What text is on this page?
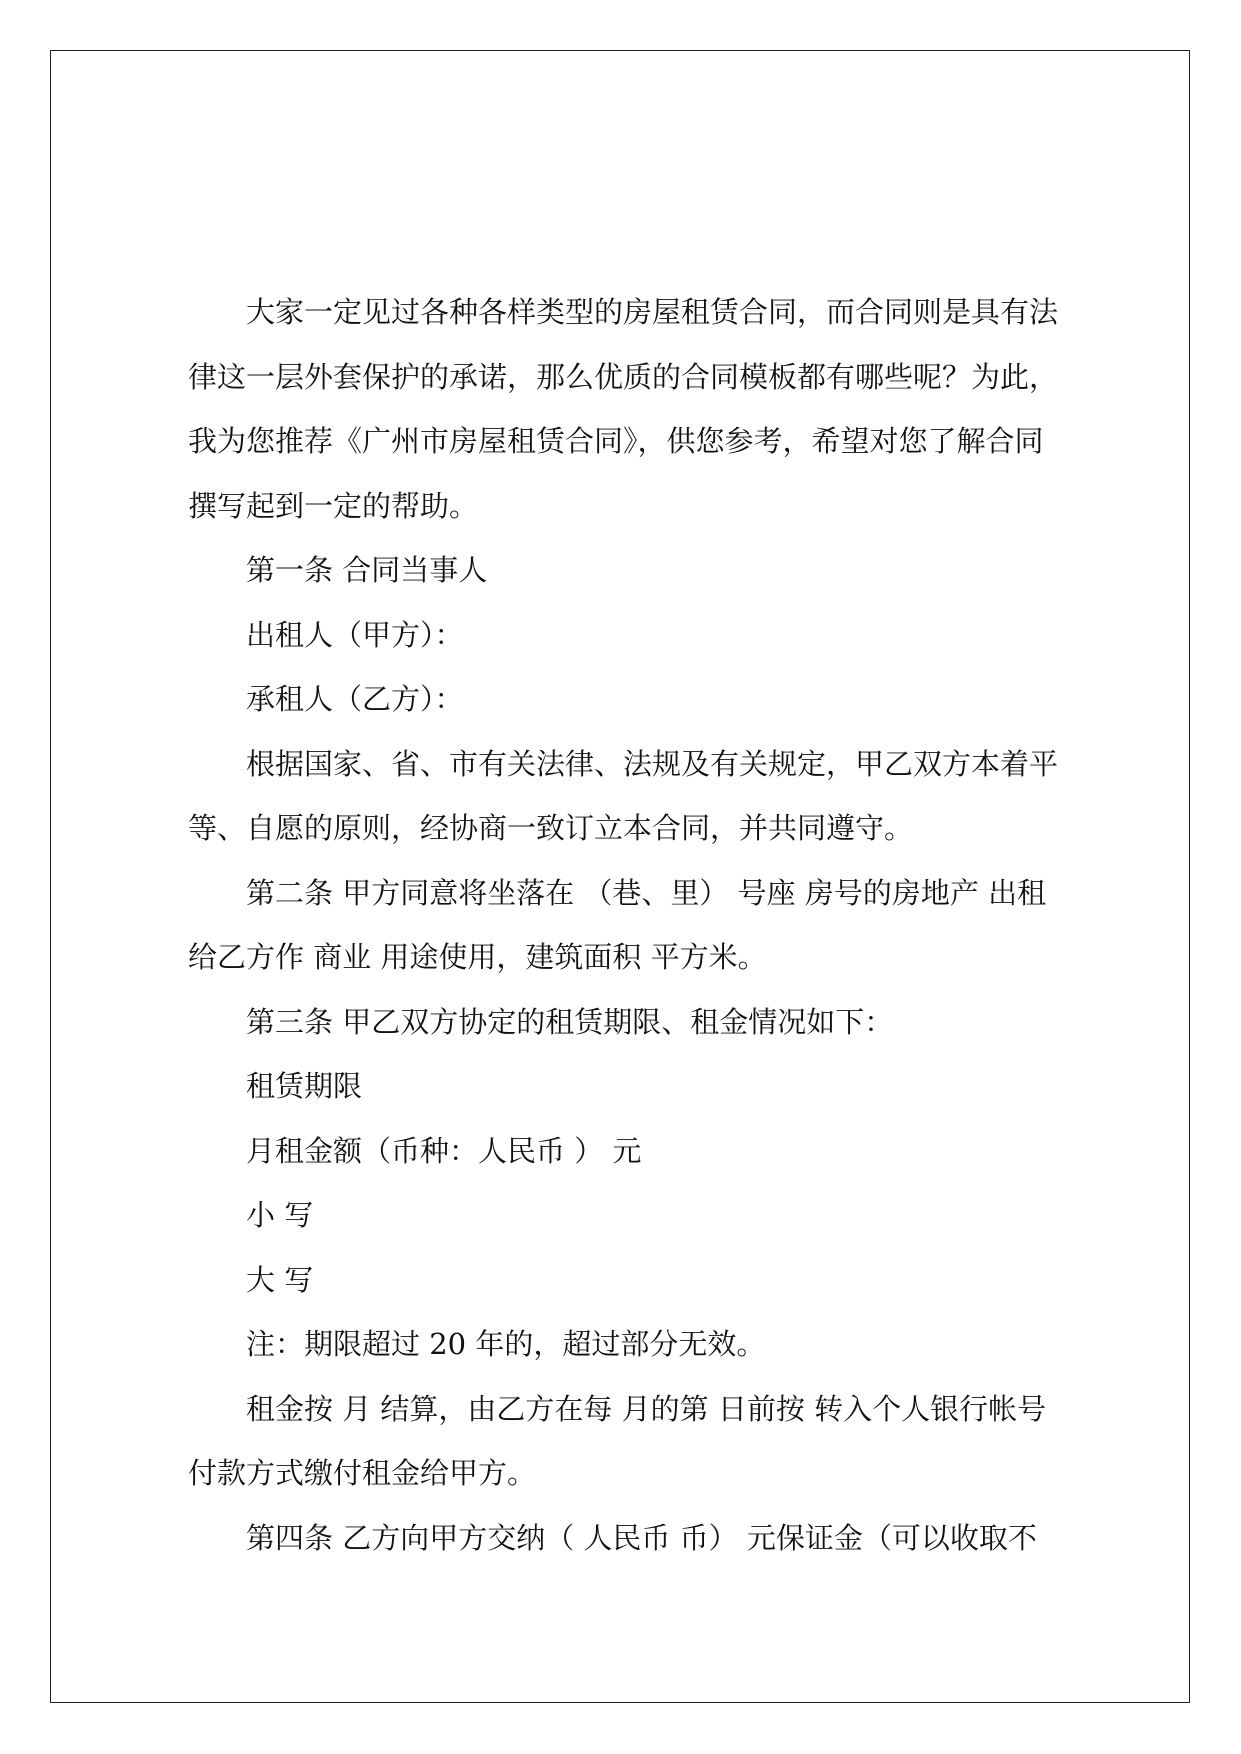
大家一定见过各种各样类型的房屋租赁合同，而合同则是具有法
律这一层外套保护的承诺，那么优质的合同模板都有哪些呢？为此，
我为您推荐《广州市房屋租赁合同》，供您参考，希望对您了解合同
撰写起到一定的帮助。
第一条 合同当事人
出租人（甲方）：
承租人（乙方）：
根据国家、省、市有关法律、法规及有关规定，甲乙双方本着平
等、自愿的原则，经协商一致订立本合同，并共同遵守。
第二条 甲方同意将坐落在 （巷、里） 号座 房号的房地产 出租
给乙方作 商业 用途使用，建筑面积 平方米。
第三条 甲乙双方协定的租赁期限、租金情况如下：
租赁期限
月租金额（币种：人民币 ） 元
小 写
大 写
注：期限超过 20 年的，超过部分无效。
租金按 月 结算，由乙方在每 月的第 日前按 转入个人银行帐号
付款方式缴付租金给甲方。
第四条 乙方向甲方交纳（ 人民币 币） 元保证金（可以收取不
